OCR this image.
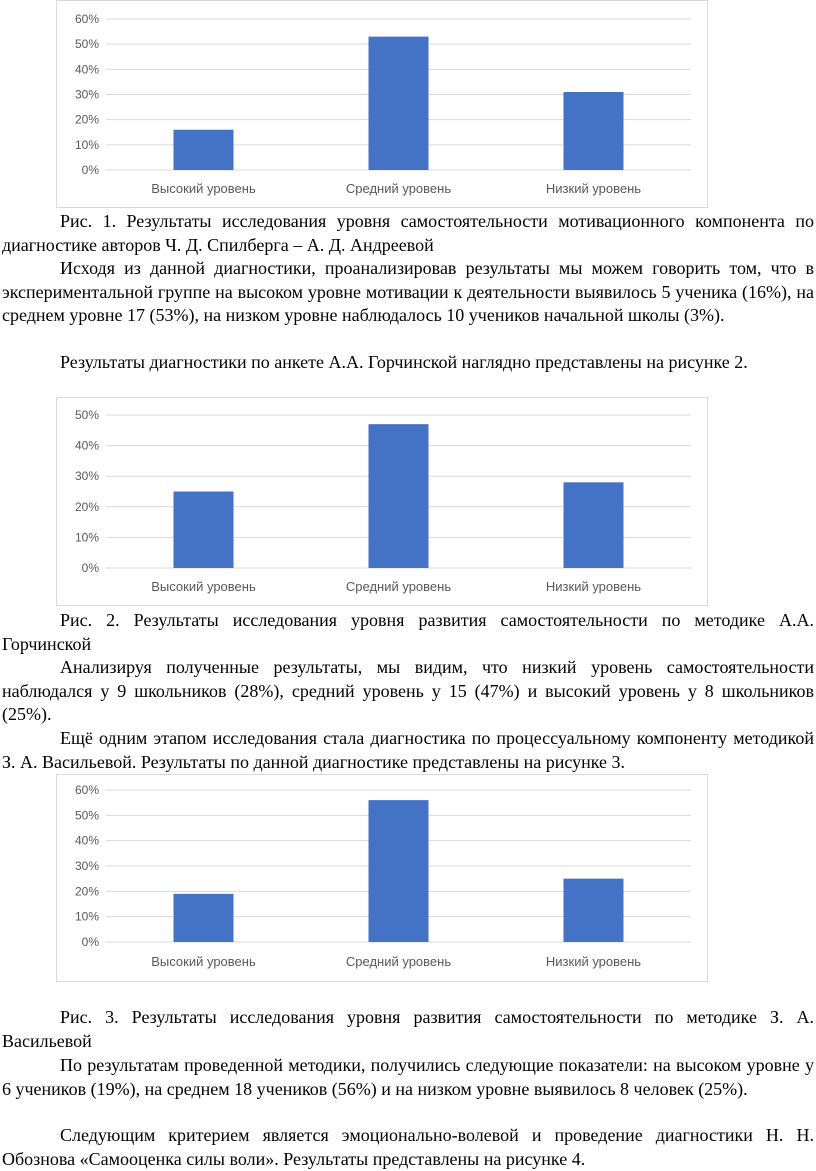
0%
10%
20%
30%
40%
50%
60%
Высокий уровень	Средний уровень	Низкий уровень

Рис. 1. Результаты исследования уровня самостоятельности мотивационного компонента по диагностике авторов Ч. Д. Спилберга – А. Д. Андреевой

Исходя из данной диагностики, проанализировав результаты мы можем говорить том, что в экспериментальной группе на высоком уровне мотивации к деятельности выявилось 5 ученика (16%), на среднем уровне 17 (53%), на низком уровне наблюдалось 10 учеников начальной школы (3%).

Результаты диагностики по анкете А.А. Горчинской наглядно представлены на рисунке 2.

0%
10%
20%
30%
40%
50%
Высокий уровень	Средний уровень	Низкий уровень

Рис. 2. Результаты исследования уровня развития самостоятельности по методике А.А. Горчинской

Анализируя полученные результаты, мы видим, что низкий уровень самостоятельности наблюдался у 9 школьников (28%), средний уровень у 15 (47%) и высокий уровень у 8 школьников (25%).

Ещё одним этапом исследования стала диагностика по процессуальному компоненту методикой З. А. Васильевой. Результаты по данной диагностике представлены на рисунке 3.

0%
10%
20%
30%
40%
50%
60%
Высокий уровень	Средний уровень	Низкий уровень

Рис. 3. Результаты исследования уровня развития самостоятельности по методике З. А. Васильевой

По результатам проведенной методики, получились следующие показатели: на высоком уровне у 6 учеников (19%), на среднем 18 учеников (56%) и на низком уровне выявилось 8 человек (25%).

Следующим критерием является эмоционально-волевой и проведение диагностики Н. Н. Обознова «Самооценка силы воли». Результаты представлены на рисунке 4.
